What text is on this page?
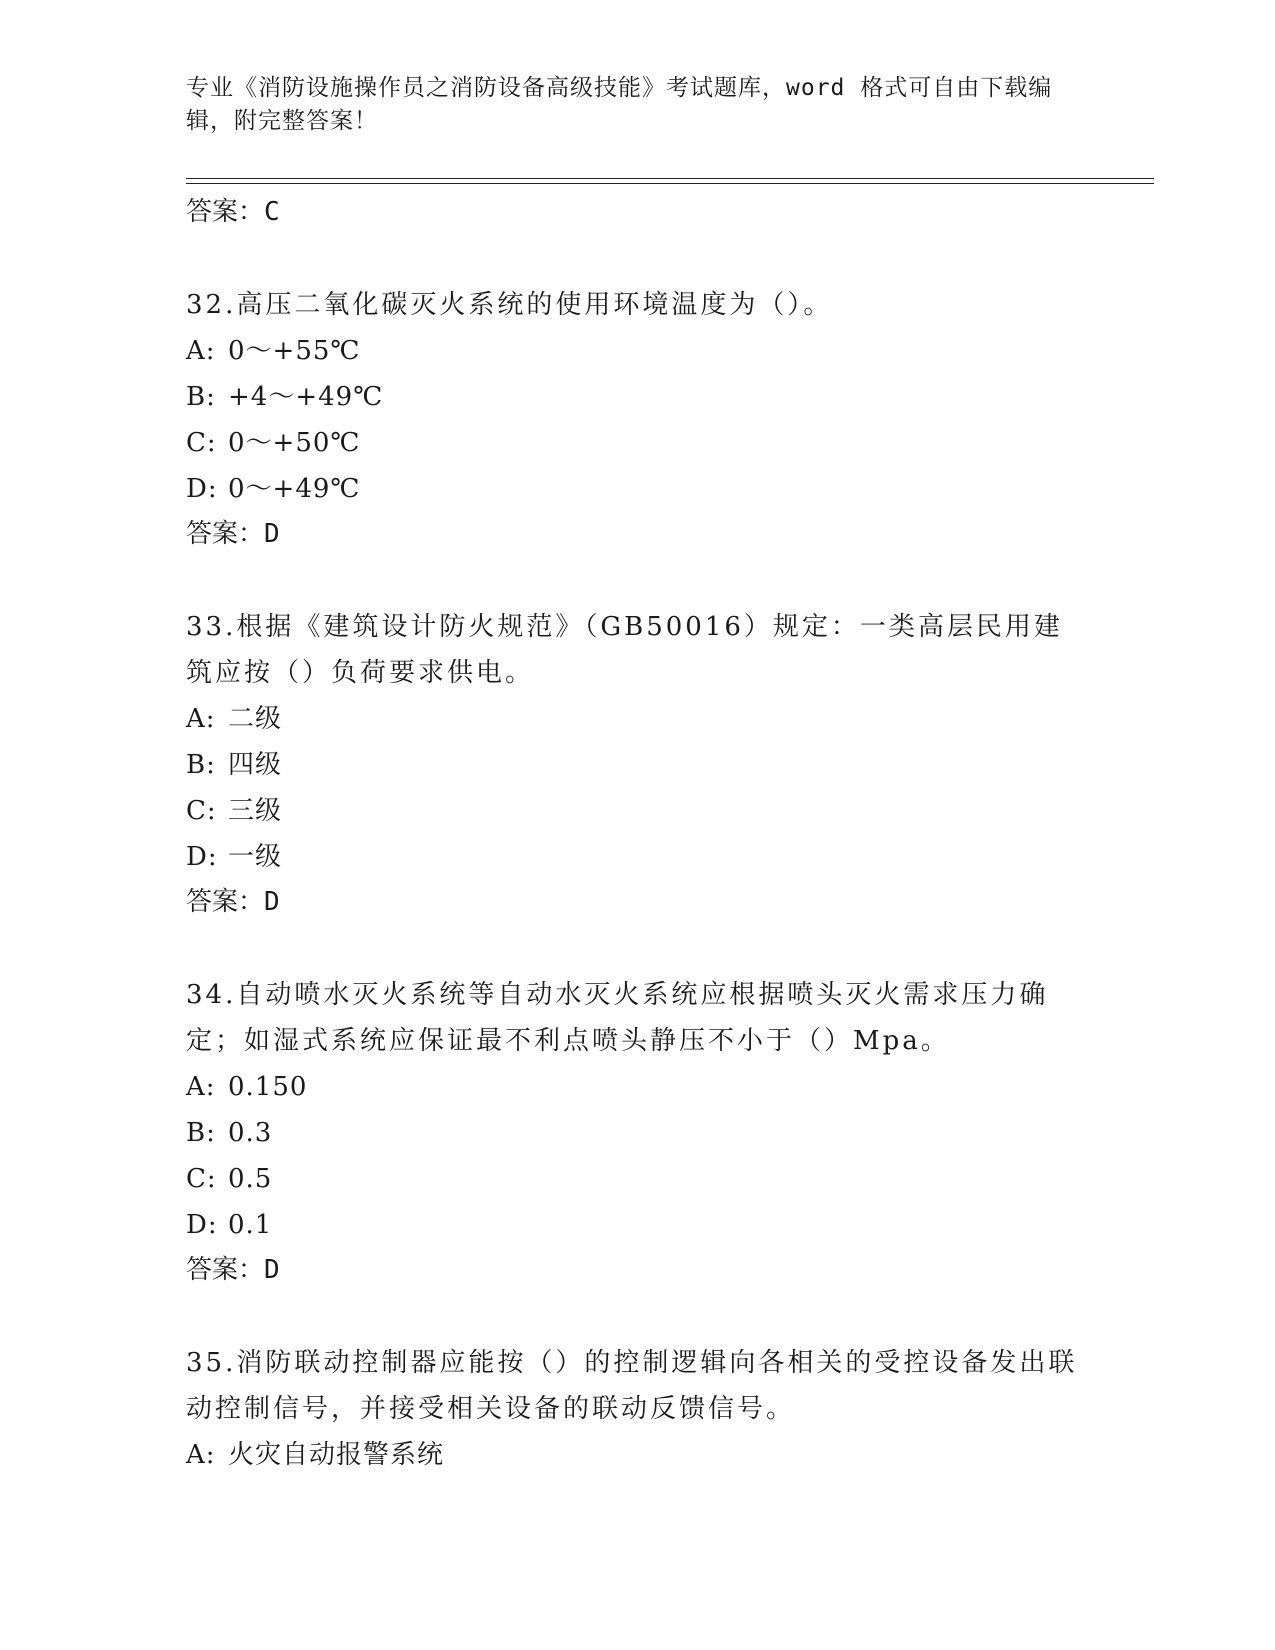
专业《消防设施操作员之消防设备高级技能》考试题库，word 格式可自由下载编
辑，附完整答案！

答案：C

32.高压二氧化碳灭火系统的使用环境温度为（）。

A: 0～+55℃

B: +4～+49℃

C: 0～+50℃

D: 0～+49℃

答案：D

33.根据《建筑设计防火规范》（GB50016）规定：一类高层民用建筑应按（）负荷要求供电。

A: 二级

B: 四级

C: 三级

D: 一级

答案：D

34.自动喷水灭火系统等自动水灭火系统应根据喷头灭火需求压力确定；如湿式系统应保证最不利点喷头静压不小于（）Mpa。

A: 0.150

B: 0.3

C: 0.5

D: 0.1

答案：D

35.消防联动控制器应能按（）的控制逻辑向各相关的受控设备发出联动控制信号，并接受相关设备的联动反馈信号。

A: 火灾自动报警系统
